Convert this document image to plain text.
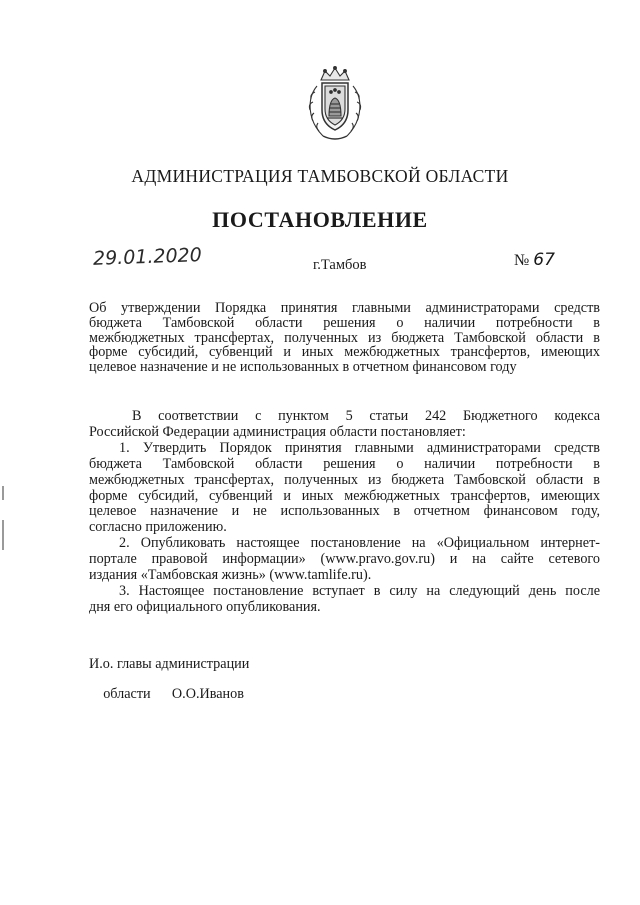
АДМИНИСТРАЦИЯ ТАМБОВСКОЙ ОБЛАСТИ
ПОСТАНОВЛЕНИЕ
29.01.2020	г.Тамбов	№ 67
Об утверждении Порядка принятия главными администраторами средств
бюджета Тамбовской области решения о наличии потребности в
межбюджетных трансфертах, полученных из бюджета Тамбовской области в
форме субсидий, субвенций и иных межбюджетных трансфертов, имеющих
целевое назначение и не использованных в отчетном финансовом году
В соответствии с пунктом 5 статьи 242 Бюджетного кодекса
Российской Федерации администрация области постановляет:
1. Утвердить Порядок принятия главными администраторами средств
бюджета Тамбовской области решения о наличии потребности в
межбюджетных трансфертах, полученных из бюджета Тамбовской области в
форме субсидий, субвенций и иных межбюджетных трансфертов, имеющих
целевое назначение и не использованных в отчетном финансовом году,
согласно приложению.
2. Опубликовать настоящее постановление на «Официальном интернет-
портале правовой информации» (www.pravo.gov.ru) и на сайте сетевого
издания «Тамбовская жизнь» (www.tamlife.ru).
3. Настоящее постановление вступает в силу на следующий день после
дня его официального опубликования.
И.о. главы администрации

области О.О.Иванов
